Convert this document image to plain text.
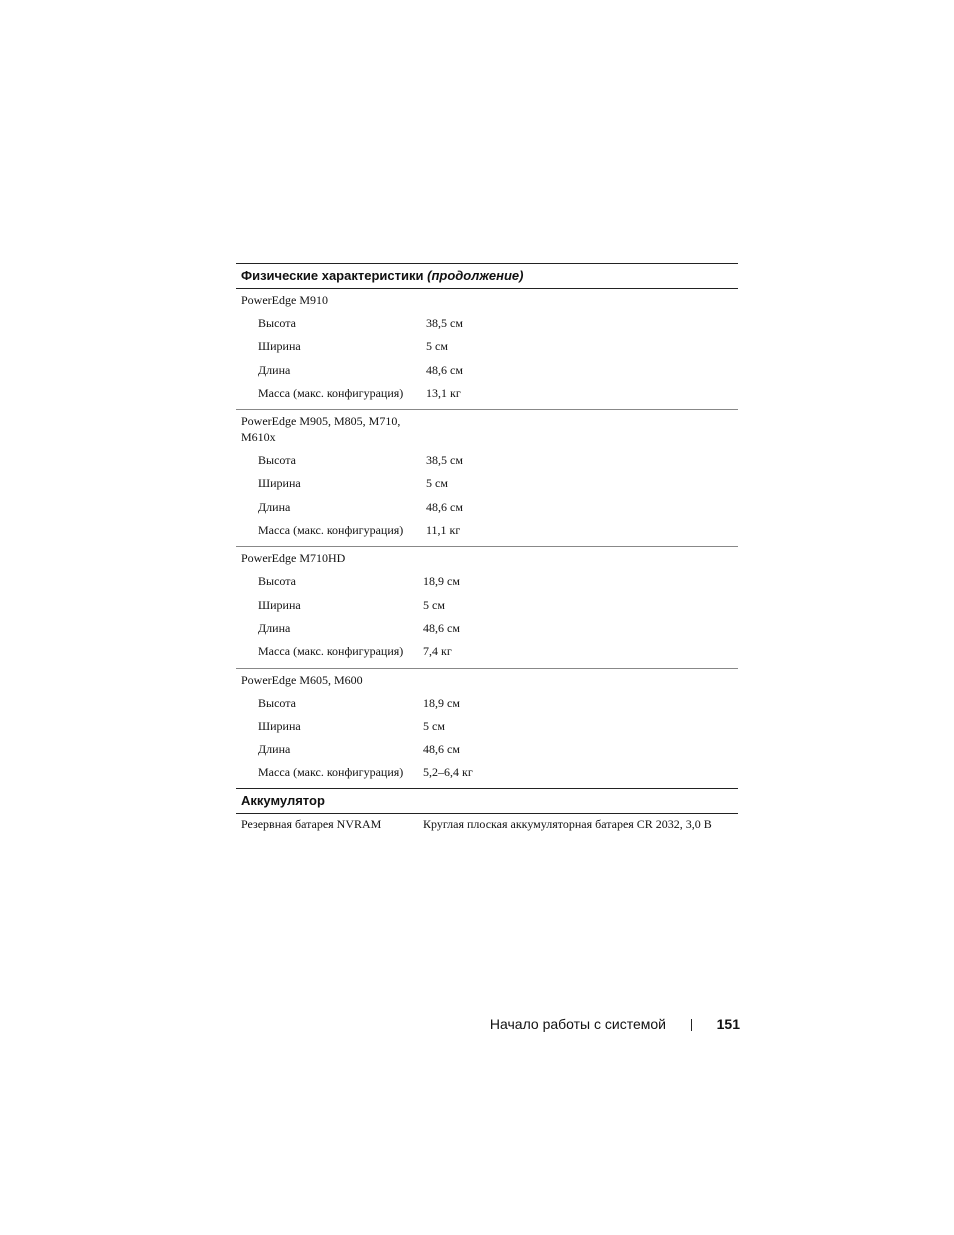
Физические характеристики (продолжение)
PowerEdge M910
Высота	38,5 см
Ширина	5 см
Длина	48,6 см
Масса (макс. конфигурация) 13,1 кг
PowerEdge M905, M805, M710,
M610x
Высота	38,5 см
Ширина	5 см
Длина	48,6 см
Масса (макс. конфигурация) 11,1 кг
PowerEdge M710HD
Высота	18,9 см
Ширина	5 см
Длина	48,6 см
Масса (макс. конфигурация) 7,4 кг
PowerEdge M605, M600
Высота	18,9 см
Ширина	5 см
Длина	48,6 см
Масса (макс. конфигурация) 5,2–6,4 кг
Аккумулятор
Резервная батарея NVRAM	Круглая плоская аккумуляторная батарея CR 2032, 3,0 В
Начало работы с системой	151
